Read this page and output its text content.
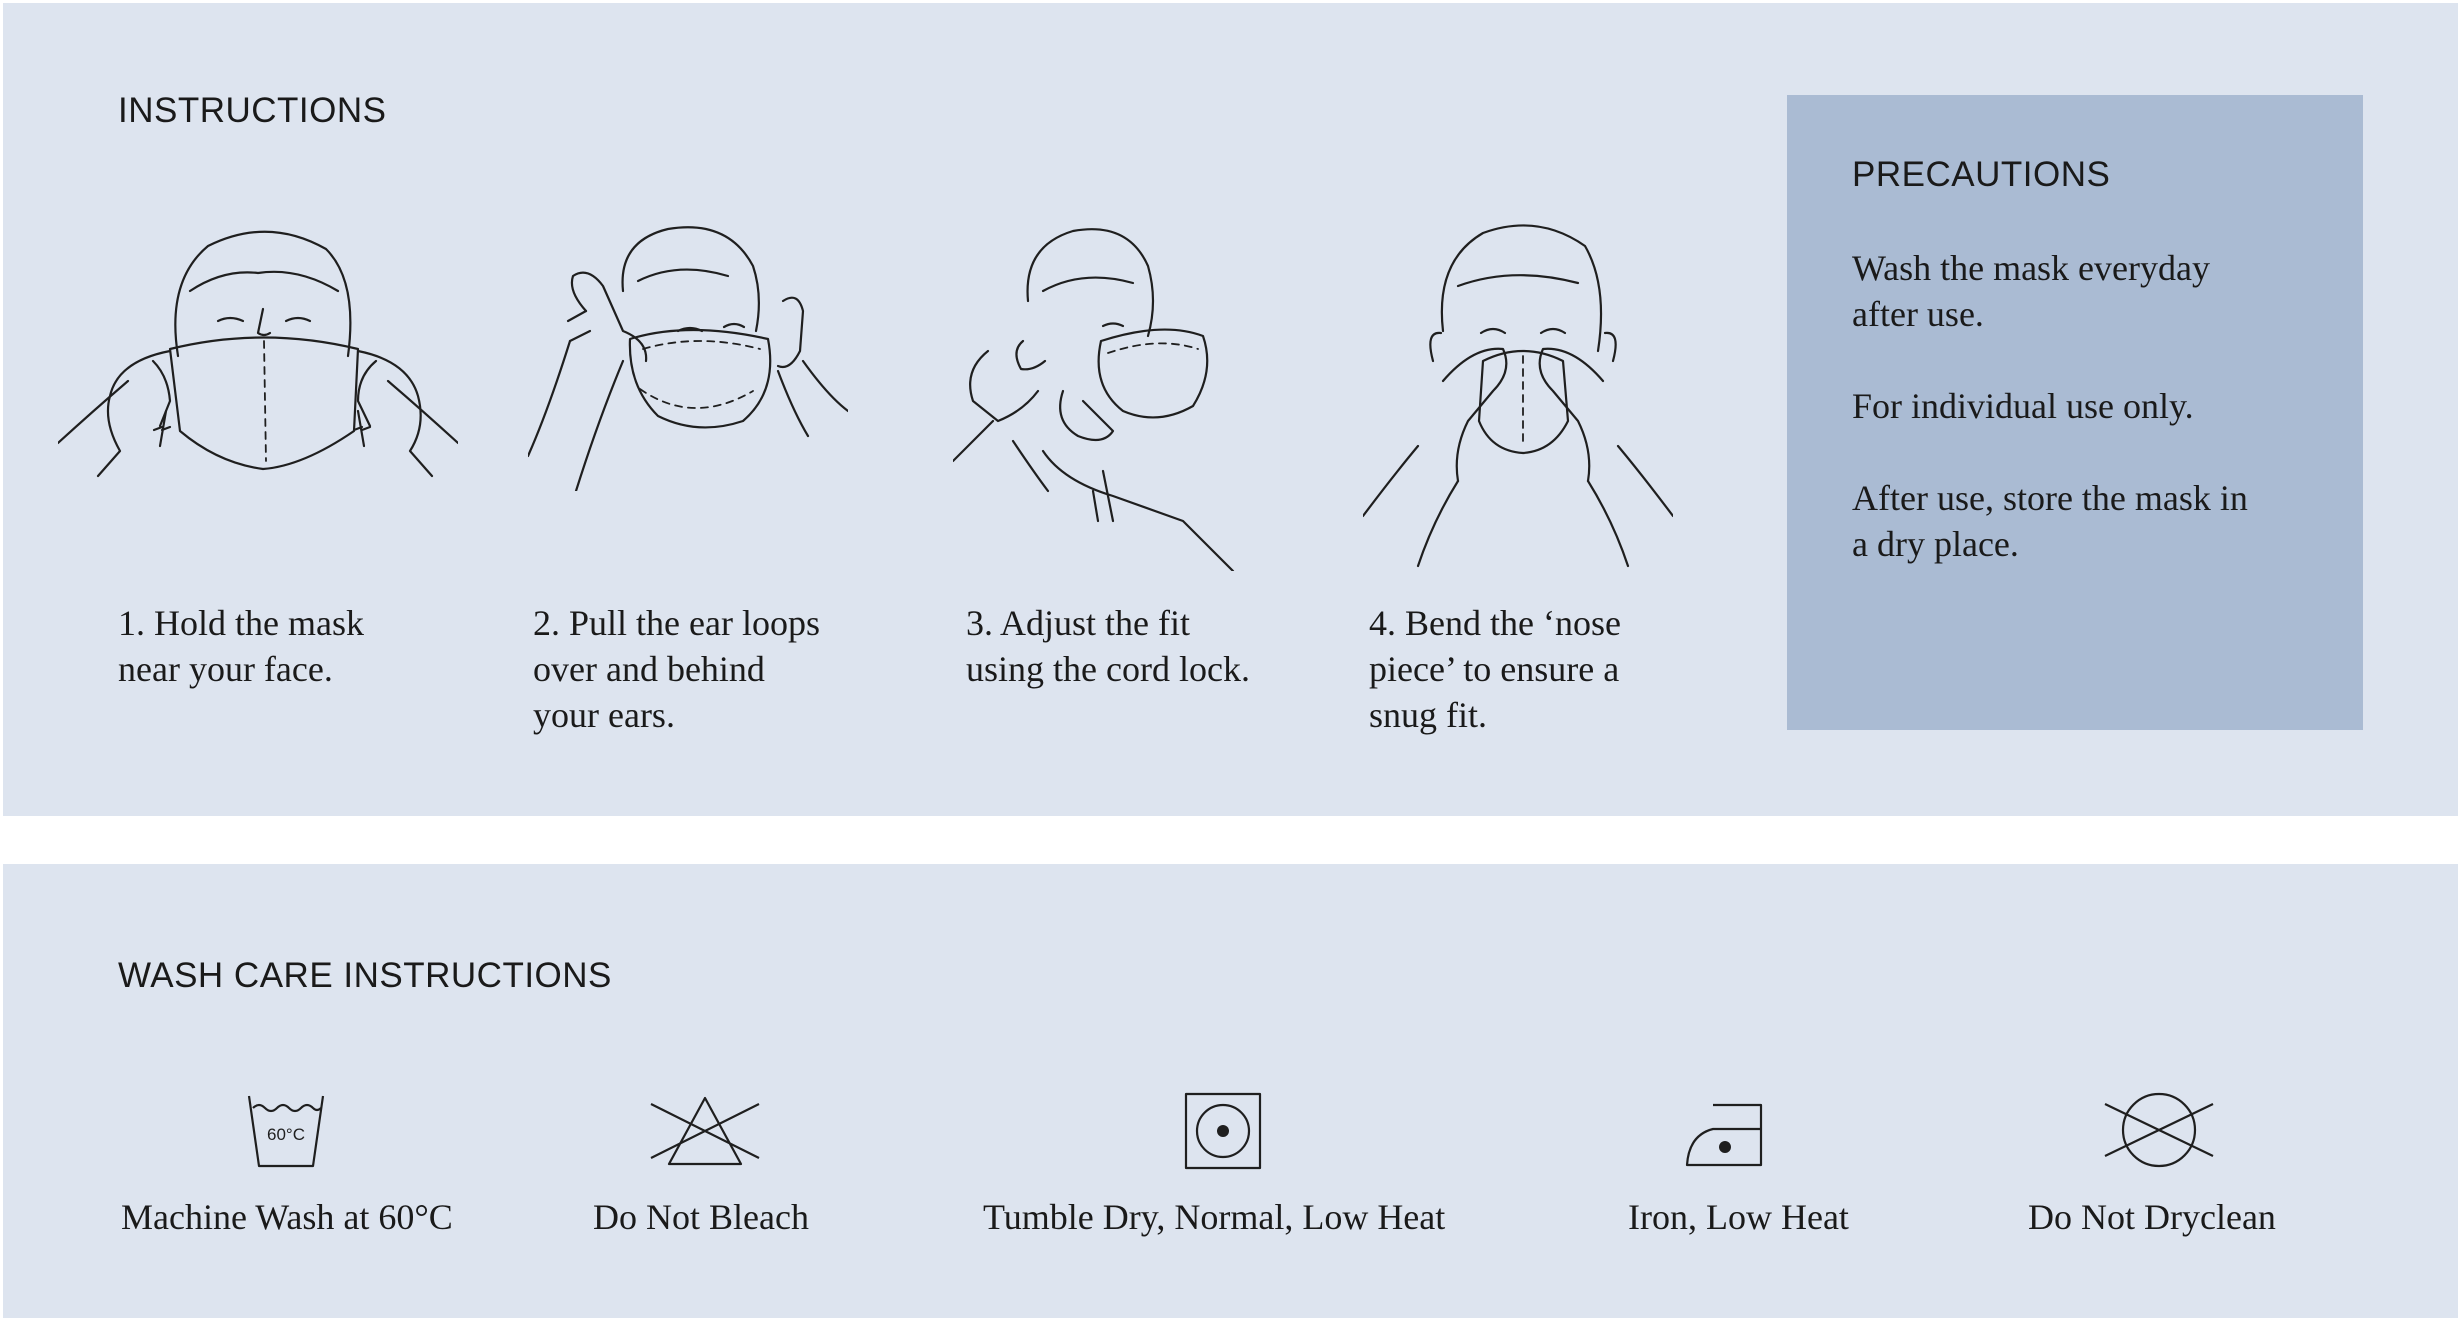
INSTRUCTIONS

1. Hold the mask
near your face.

2. Pull the ear loops
over and behind
your ears.

3. Adjust the fit
using the cord lock.

4. Bend the ‘nose
piece’ to ensure a
snug fit.

PRECAUTIONS

Wash the mask everyday
after use.

For individual use only.

After use, store the mask in
a dry place.

WASH CARE INSTRUCTIONS
60°C
Machine Wash at 60°C	Do Not Bleach	Tumble Dry, Normal, Low Heat	Iron, Low Heat	Do Not Dryclean
